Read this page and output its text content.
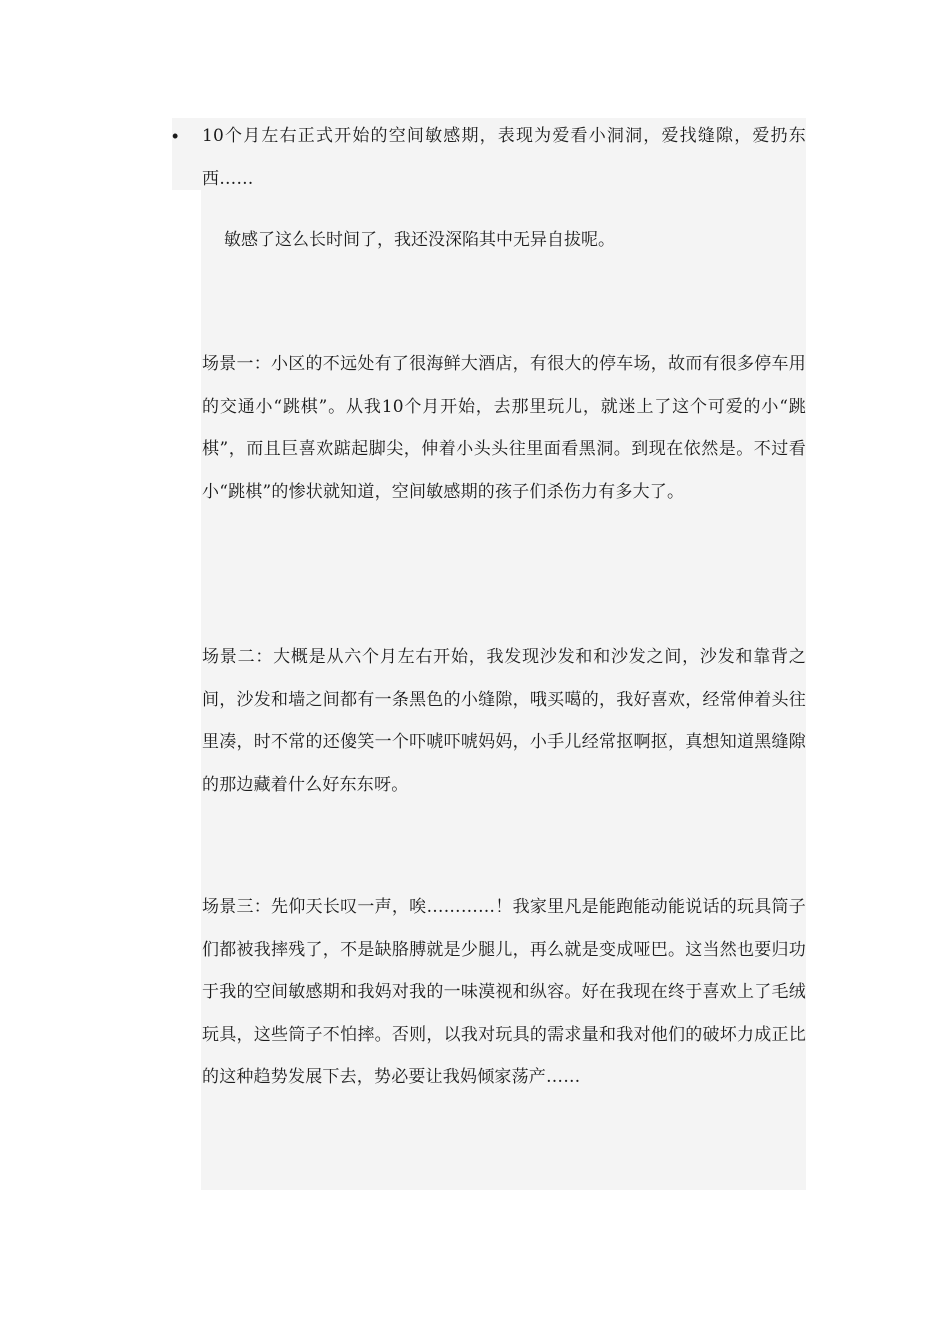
• 10个月左右正式开始的空间敏感期，表现为爱看小洞洞，爱找缝隙，爱扔东西……
敏感了这么长时间了，我还没深陷其中无异自拔呢。
场景一：小区的不远处有了很海鲜大酒店，有很大的停车场，故而有很多停车用的交通小“跳棋”。从我10个月开始，去那里玩儿，就迷上了这个可爱的小“跳棋”，而且巨喜欢踮起脚尖，伸着小头头往里面看黑洞。到现在依然是。不过看小“跳棋”的惨状就知道，空间敏感期的孩子们杀伤力有多大了。
场景二：大概是从六个月左右开始，我发现沙发和和沙发之间，沙发和靠背之间，沙发和墙之间都有一条黑色的小缝隙，哦买噶的，我好喜欢，经常伸着头往里凑，时不常的还傻笑一个吓唬吓唬妈妈，小手儿经常抠啊抠，真想知道黑缝隙的那边藏着什么好东东呀。
场景三：先仰天长叹一声，唉…………！我家里凡是能跑能动能说话的玩具筒子们都被我摔残了，不是缺胳膊就是少腿儿，再么就是变成哑巴。这当然也要归功于我的空间敏感期和我妈对我的一味漠视和纵容。好在我现在终于喜欢上了毛绒玩具，这些筒子不怕摔。否则，以我对玩具的需求量和我对他们的破坏力成正比的这种趋势发展下去，势必要让我妈倾家荡产……
